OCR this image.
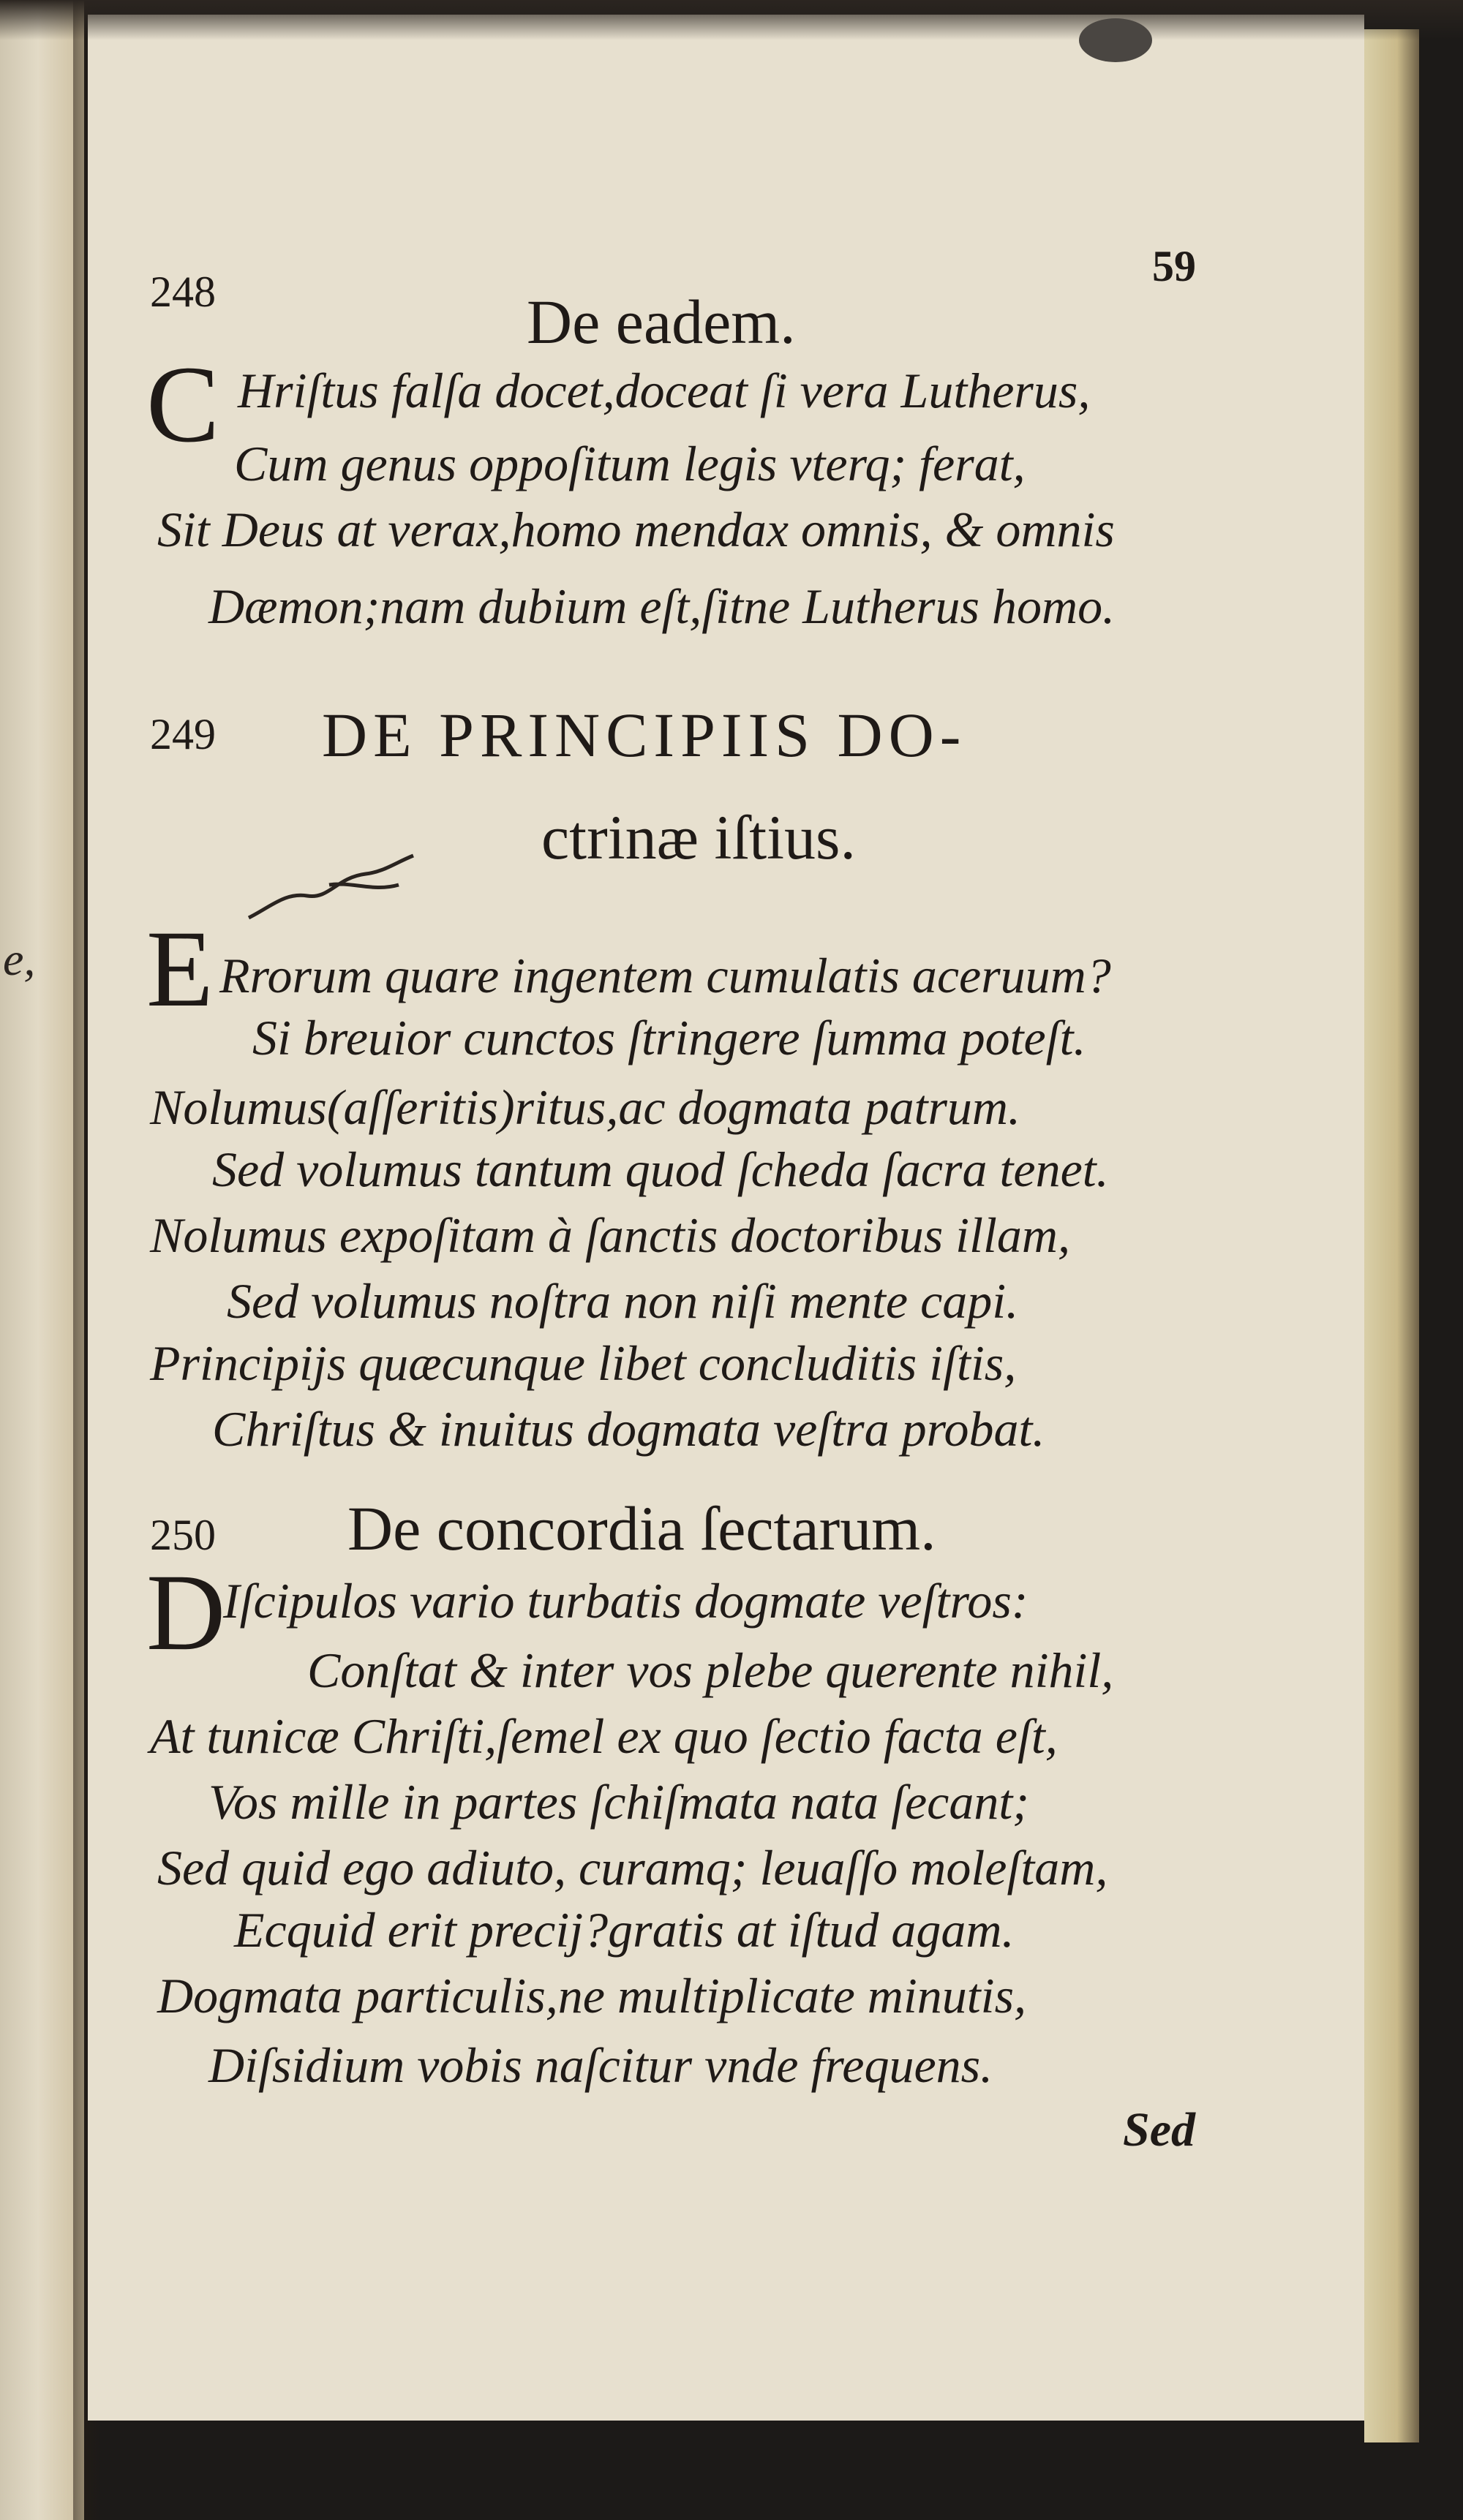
e,
248
59
De eadem.
C Hriſtus falſa docet,doceat ſi vera Lutherus,
Cum genus oppoſitum legis vterq; ferat,
Sit Deus at verax,homo mendax omnis, & omnis
Dæmon;nam dubium eſt,ſitne Lutherus homo.
249 DE PRINCIPIIS DO-
ctrinæ iſtius.
E Rrorum quare ingentem cumulatis aceruum?
Si breuior cunctos ſtringere ſumma poteſt.
Nolumus(aſſeritis)ritus,ac dogmata patrum.
Sed volumus tantum quod ſcheda ſacra tenet.
Nolumus expoſitam à ſanctis doctoribus illam,
Sed volumus noſtra non niſi mente capi.
Principijs quæcunque libet concluditis iſtis,
Chriſtus & inuitus dogmata veſtra probat.
250 De concordia ſectarum.
D
Iſcipulos vario turbatis dogmate veſtros:
Conſtat & inter vos plebe querente nihil,
At tunicæ Chriſti,ſemel ex quo ſectio facta eſt,
Vos mille in partes ſchiſmata nata ſecant;
Sed quid ego adiuto, curamq; leuaſſo moleſtam,
Ecquid erit precij?gratis at iſtud agam.
Dogmata particulis,ne multiplicate minutis,
Diſsidium vobis naſcitur vnde frequens.
Sed
